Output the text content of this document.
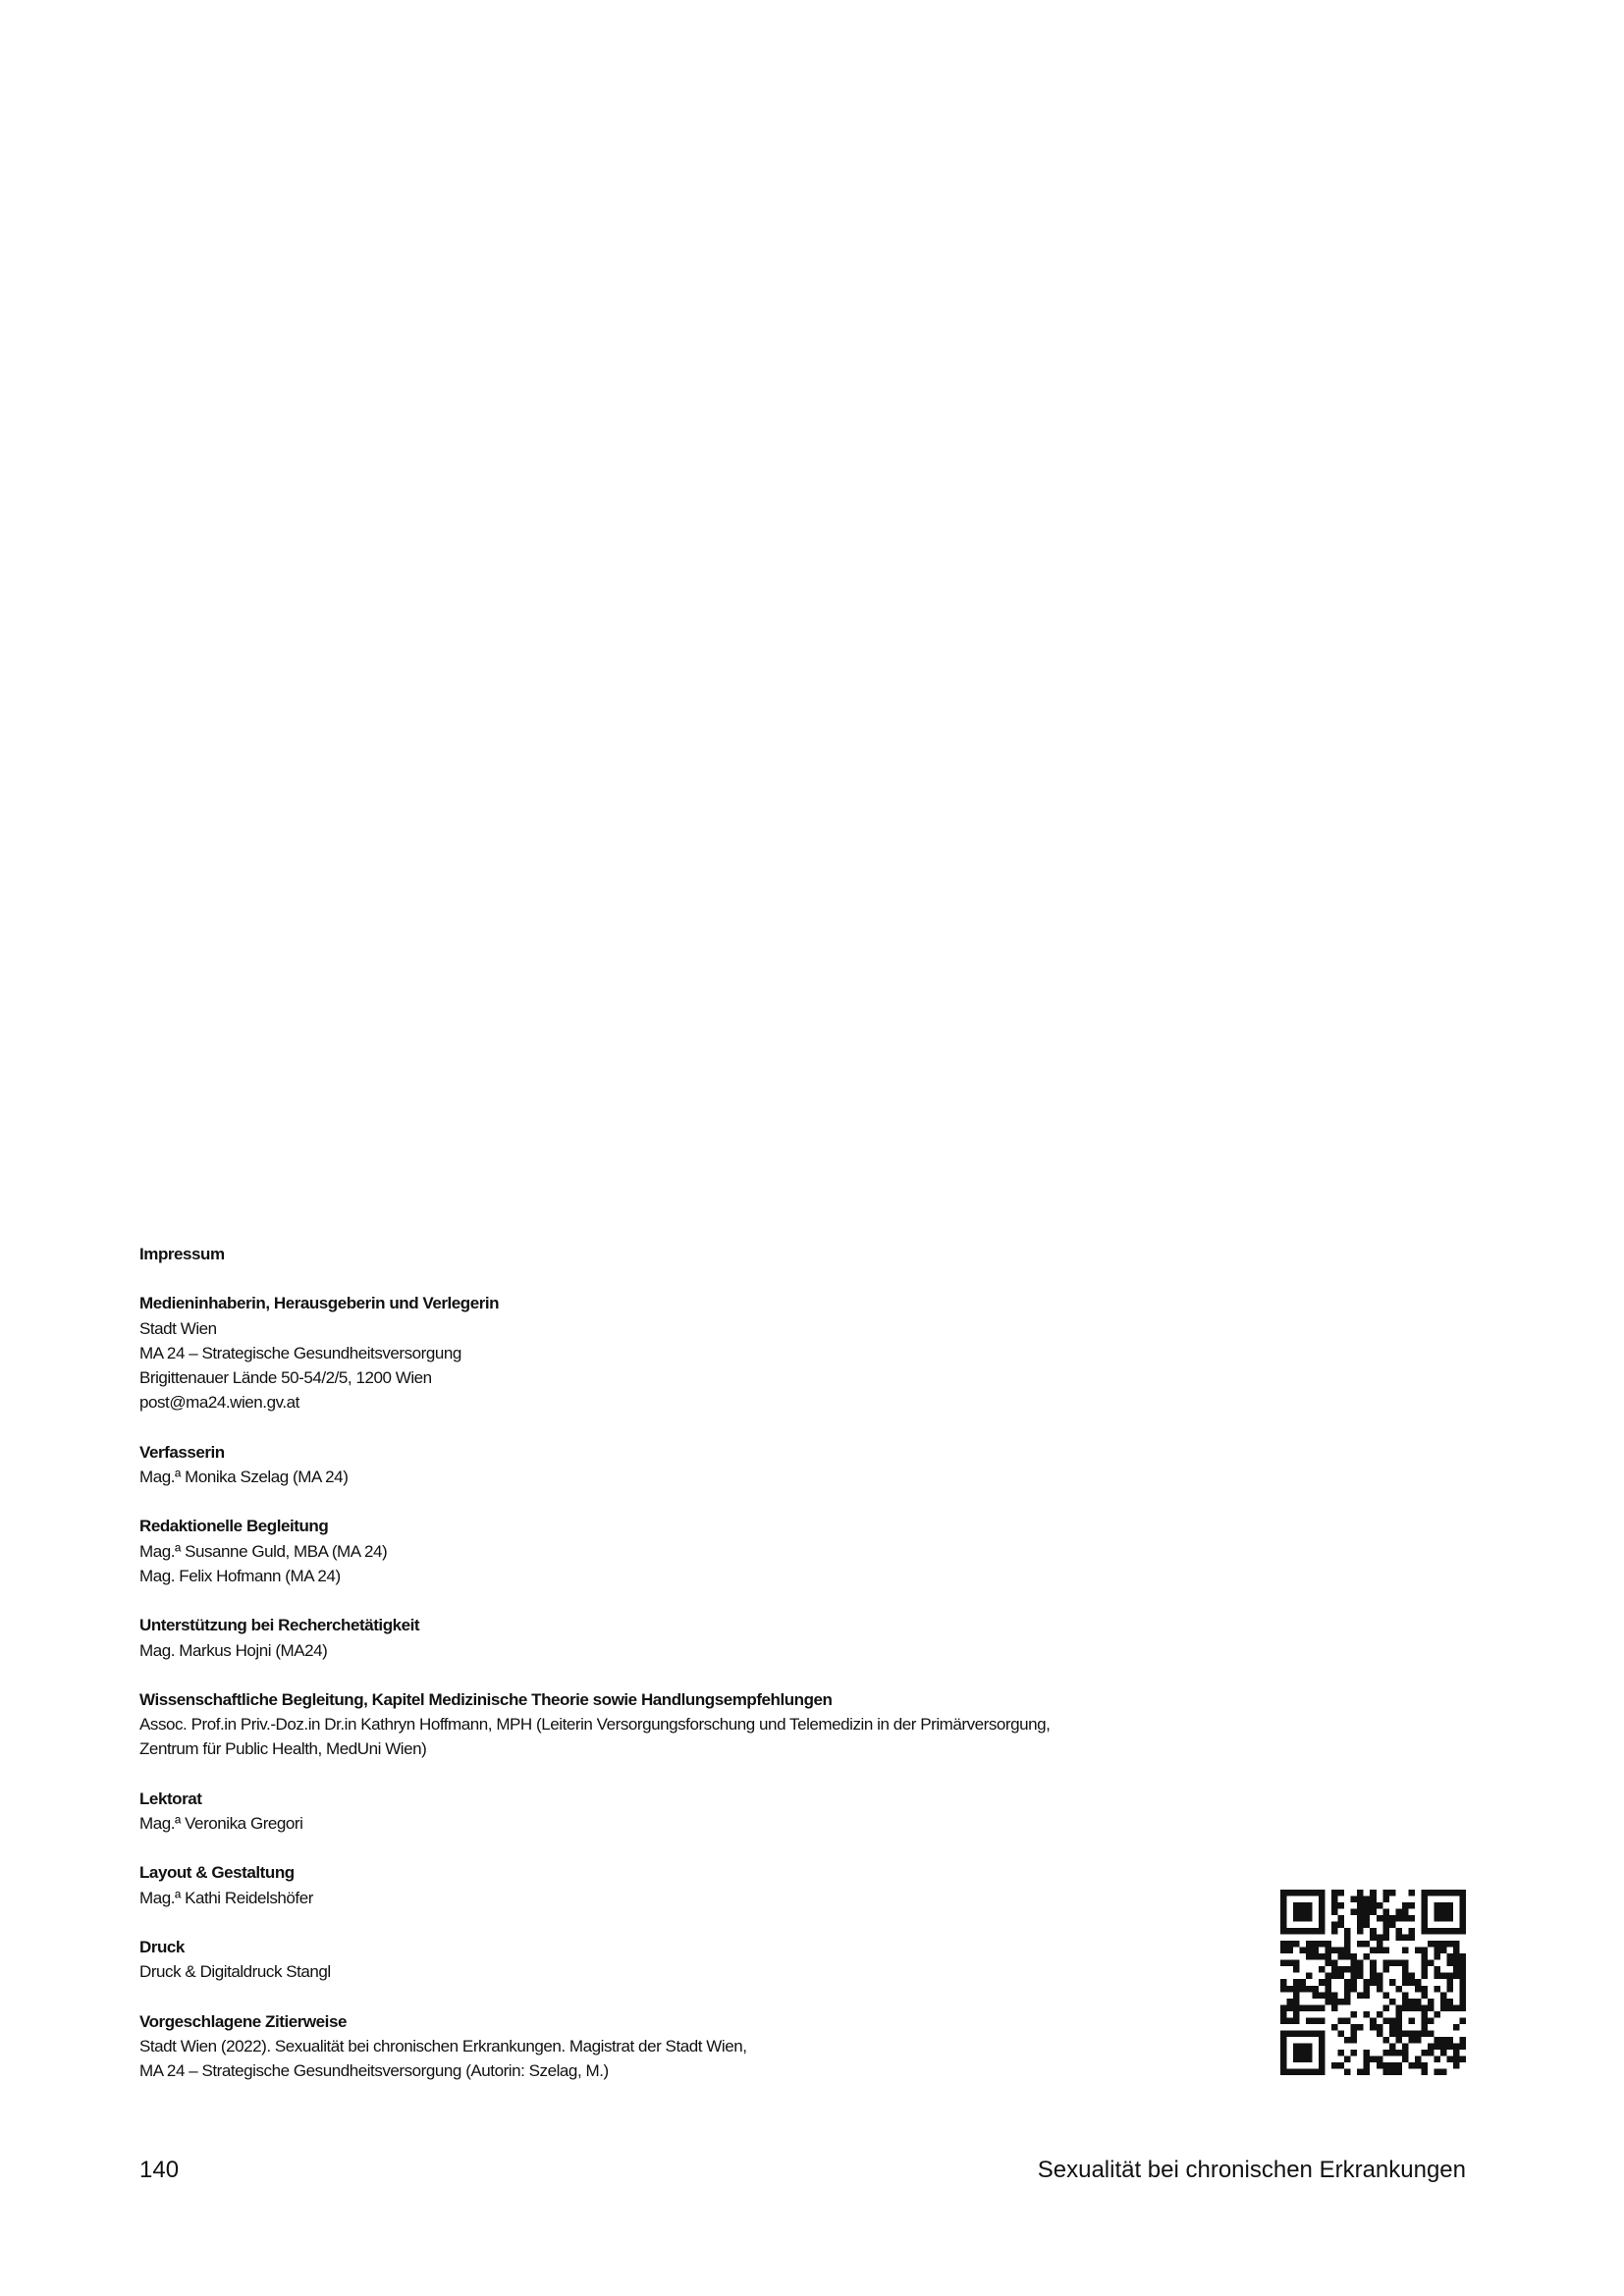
Impressum
Medieninhaberin, Herausgeberin und Verlegerin
Stadt Wien
MA 24 – Strategische Gesundheitsversorgung
Brigittenauer Lände 50-54/2/5, 1200 Wien
post@ma24.wien.gv.at
Verfasserin
Mag.ª Monika Szelag (MA 24)
Redaktionelle Begleitung
Mag.ª Susanne Guld, MBA (MA 24)
Mag. Felix Hofmann (MA 24)
Unterstützung bei Recherchetätigkeit
Mag. Markus Hojni (MA24)
Wissenschaftliche Begleitung, Kapitel Medizinische Theorie sowie Handlungsempfehlungen
Assoc. Prof.in Priv.-Doz.in Dr.in Kathryn Hoffmann, MPH (Leiterin Versorgungsforschung und Telemedizin in der Primärversorgung,
Zentrum für Public Health, MedUni Wien)
Lektorat
Mag.ª Veronika Gregori
Layout & Gestaltung
Mag.ª Kathi Reidelshöfer
Druck
Druck & Digitaldruck Stangl
Vorgeschlagene Zitierweise
Stadt Wien (2022). Sexualität bei chronischen Erkrankungen. Magistrat der Stadt Wien,
MA 24 – Strategische Gesundheitsversorgung (Autorin: Szelag, M.)
140	Sexualität bei chronischen Erkrankungen
